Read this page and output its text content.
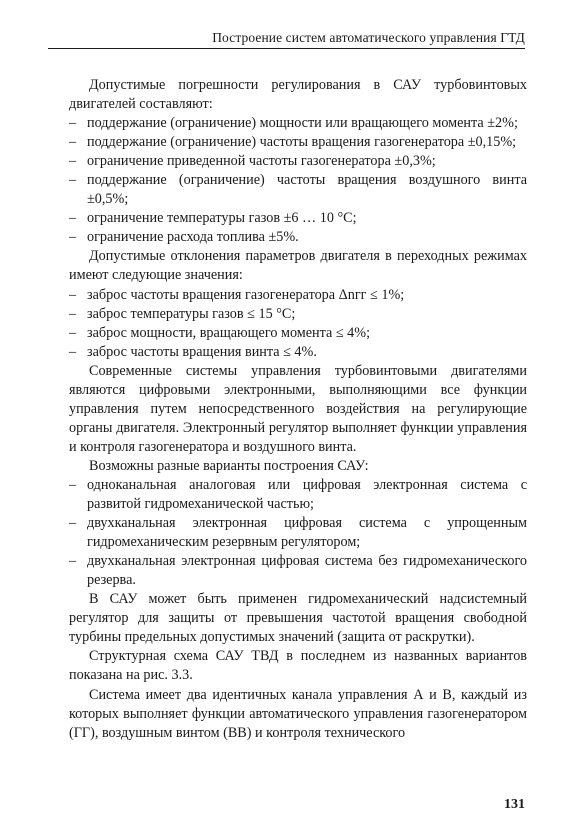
Построение систем автоматического управления ГТД

Допустимые погрешности регулирования в САУ турбовинтовых двигателей составляют:

– поддержание (ограничение) мощности или вращающего момента ±2%;
– поддержание (ограничение) частоты вращения газогенератора ±0,15%;
– ограничение приведенной частоты газогенератора ±0,3%;
– поддержание (ограничение) частоты вращения воздушного винта ±0,5%;
– ограничение температуры газов ±6 … 10 °С;
– ограничение расхода топлива ±5%.

Допустимые отклонения параметров двигателя в переходных режимах имеют следующие значения:

– заброс частоты вращения газогенератора Δnгг ≤ 1%;
– заброс температуры газов ≤ 15 °С;
– заброс мощности, вращающего момента ≤ 4%;
– заброс частоты вращения винта ≤ 4%.

Современные системы управления турбовинтовыми двигателями являются цифровыми электронными, выполняющими все функции управления путем непосредственного воздействия на регулирующие органы двигателя. Электронный регулятор выполняет функции управления и контроля газогенератора и воздушного винта.

Возможны разные варианты построения САУ:

– одноканальная аналоговая или цифровая электронная система с развитой гидромеханической частью;
– двухканальная электронная цифровая система с упрощенным гидромеханическим резервным регулятором;
– двухканальная электронная цифровая система без гидромеханического резерва.

В САУ может быть применен гидромеханический надсистемный регулятор для защиты от превышения частотой вращения свободной турбины предельных допустимых значений (защита от раскрутки).

Структурная схема САУ ТВД в последнем из названных вариантов показана на рис. 3.3.

Система имеет два идентичных канала управления А и В, каждый из которых выполняет функции автоматического управления газогенератором (ГГ), воздушным винтом (ВВ) и контроля технического

131
